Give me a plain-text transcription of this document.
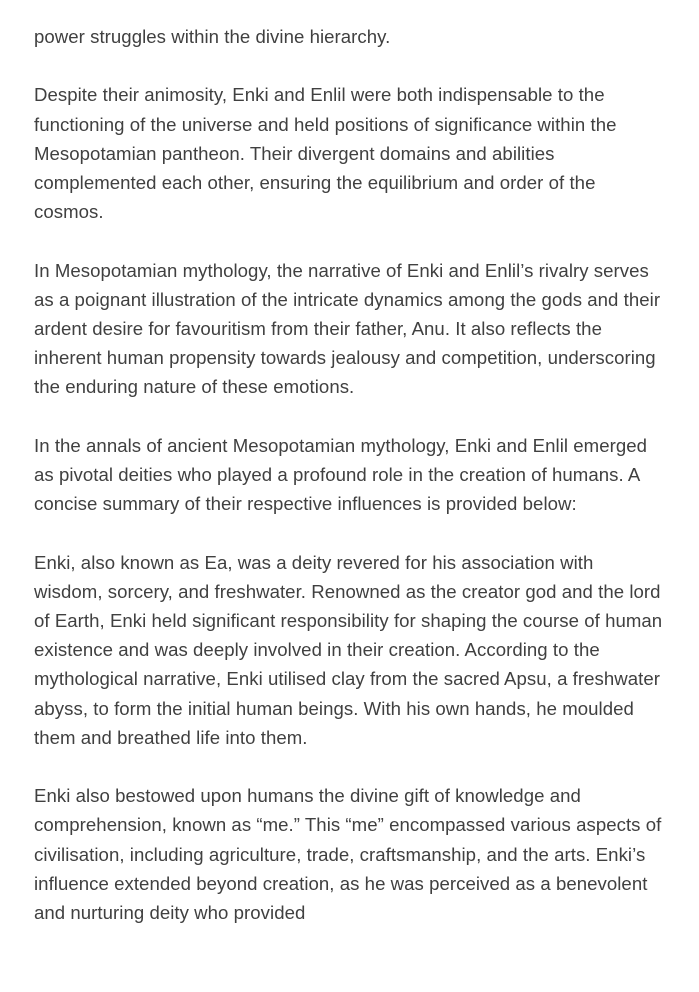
power struggles within the divine hierarchy.

Despite their animosity, Enki and Enlil were both indispensable to the functioning of the universe and held positions of significance within the Mesopotamian pantheon. Their divergent domains and abilities complemented each other, ensuring the equilibrium and order of the cosmos.

In Mesopotamian mythology, the narrative of Enki and Enlil’s rivalry serves as a poignant illustration of the intricate dynamics among the gods and their ardent desire for favouritism from their father, Anu. It also reflects the inherent human propensity towards jealousy and competition, underscoring the enduring nature of these emotions.

In the annals of ancient Mesopotamian mythology, Enki and Enlil emerged as pivotal deities who played a profound role in the creation of humans. A concise summary of their respective influences is provided below:

Enki, also known as Ea, was a deity revered for his association with wisdom, sorcery, and freshwater. Renowned as the creator god and the lord of Earth, Enki held significant responsibility for shaping the course of human existence and was deeply involved in their creation. According to the mythological narrative, Enki utilised clay from the sacred Apsu, a freshwater abyss, to form the initial human beings. With his own hands, he moulded them and breathed life into them.

Enki also bestowed upon humans the divine gift of knowledge and comprehension, known as “me.” This “me” encompassed various aspects of civilisation, including agriculture, trade, craftsmanship, and the arts. Enki’s influence extended beyond creation, as he was perceived as a benevolent and nurturing deity who provided
